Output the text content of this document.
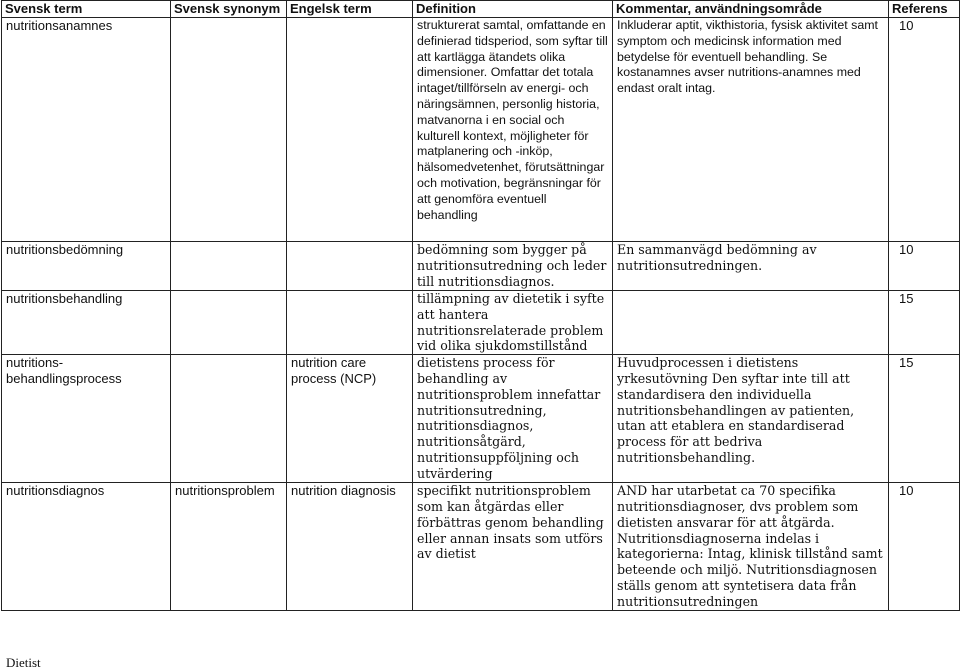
Svensk term	Svensk synonym	Engelsk term	Definition	Kommentar, användningsområde	Referens
nutritionsanamnes			strukturerat samtal, omfattande en definierad tidsperiod, som syftar till att kartlägga ätandets olika dimensioner. Omfattar det totala intaget/tillförseln av energi- och näringsämnen, personlig historia, matvanorna i en social och kulturell kontext, möjligheter för matplanering och -inköp, hälsomedvetenhet, förutsättningar och motivation, begränsningar för att genomföra eventuell behandling	Inkluderar aptit, vikthistoria, fysisk aktivitet samt symptom och medicinsk information med betydelse för eventuell behandling. Se kostanamnes avser nutritions-anamnes med endast oralt intag.	10
nutritionsbedömning			bedömning som bygger på nutritionsutredning och leder till nutritionsdiagnos.	En sammanvägd bedömning av nutritionsutredningen.	10
nutritionsbehandling			tillämpning av dietetik i syfte att hantera nutritionsrelaterade problem vid olika sjukdomstillstånd		15
nutritions-behandlingsprocess		nutrition care process (NCP)	dietistens process för behandling av nutritionsproblem innefattar nutritionsutredning, nutritionsdiagnos, nutritionsåtgärd, nutritionsuppföljning och utvärdering	Huvudprocessen i dietistens yrkesutövning Den syftar inte till att standardisera den individuella nutritionsbehandlingen av patienten, utan att etablera en standardiserad process för att bedriva nutritionsbehandling.	15
nutritionsdiagnos	nutritionsproblem	nutrition diagnosis	specifikt nutritionsproblem som kan åtgärdas eller förbättras genom behandling eller annan insats som utförs av dietist	AND har utarbetat ca 70 specifika nutritionsdiagnoser, dvs problem som dietisten ansvarar för att åtgärda. Nutritionsdiagnoserna indelas i kategorierna: Intag, klinisk tillstånd samt beteende och miljö. Nutritionsdiagnosen ställs genom att syntetisera data från nutritionsutredningen	10
Dietist
